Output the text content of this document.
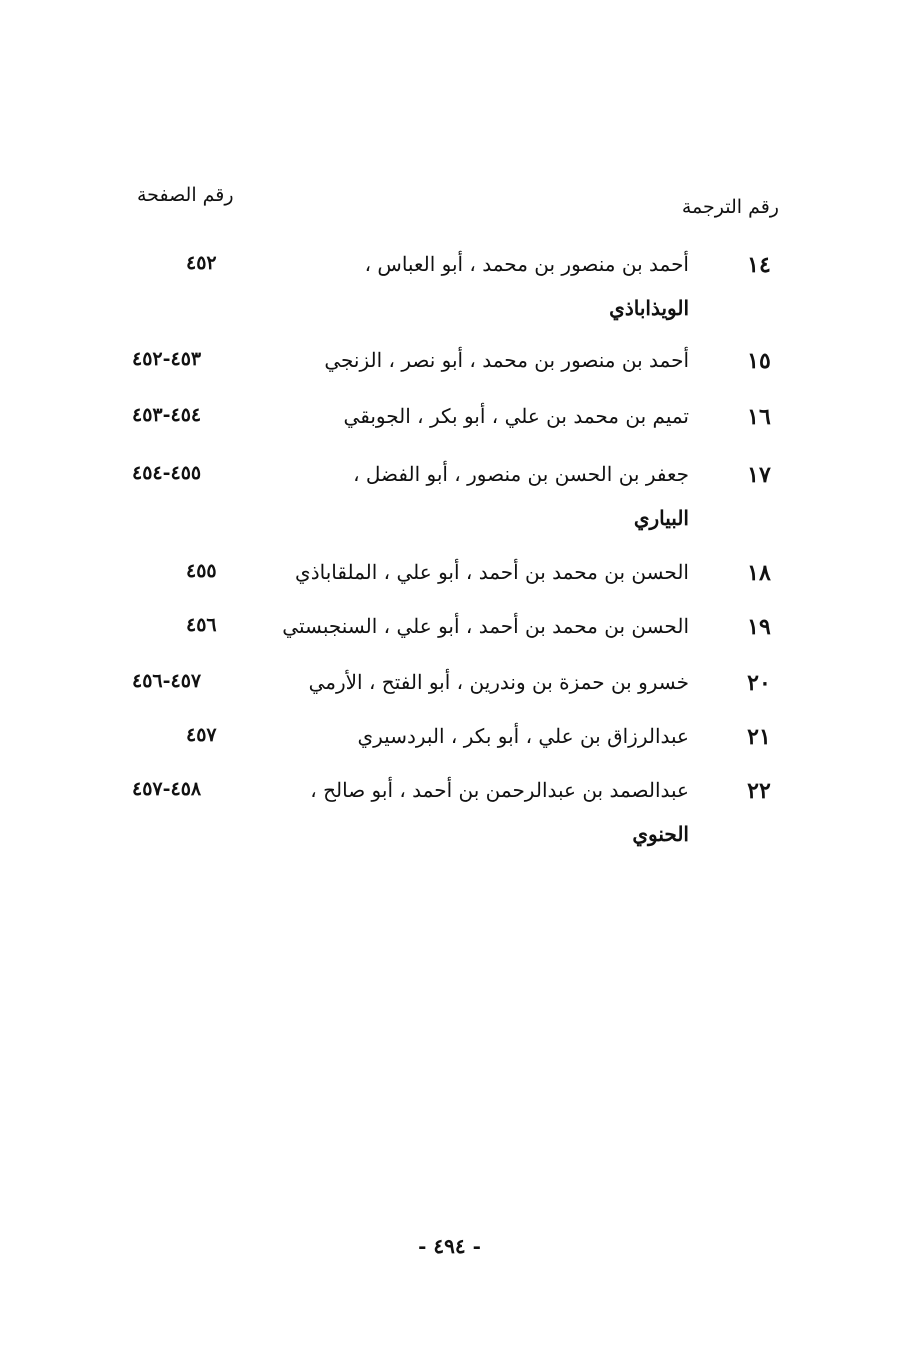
رقم الترجمة
رقم الصفحة
١٤
أحمد بن منصور بن محمد ، أبو العباس ،
الويذاباذي
٤٥٢
١٥
أحمد بن منصور بن محمد ، أبو نصر ، الزنجي
٤٥٣-٤٥٢
١٦
تميم بن محمد بن علي ، أبو بكر ، الجوبقي
٤٥٤-٤٥٣
١٧
جعفر بن الحسن بن منصور ، أبو الفضل ،
البياري
٤٥٥-٤٥٤
١٨
الحسن بن محمد بن أحمد ، أبو علي ، الملقاباذي
٤٥٥
١٩
الحسن بن محمد بن أحمد ، أبو علي ، السنجبستي
٤٥٦
٢٠
خسرو بن حمزة بن وندرين ، أبو الفتح ، الأرمي
٤٥٧-٤٥٦
٢١
عبدالرزاق بن علي ، أبو بكر ، البردسيري
٤٥٧
٢٢
عبدالصمد بن عبدالرحمن بن أحمد ، أبو صالح ،
الحنوي
٤٥٨-٤٥٧
- ٤٩٤ -
